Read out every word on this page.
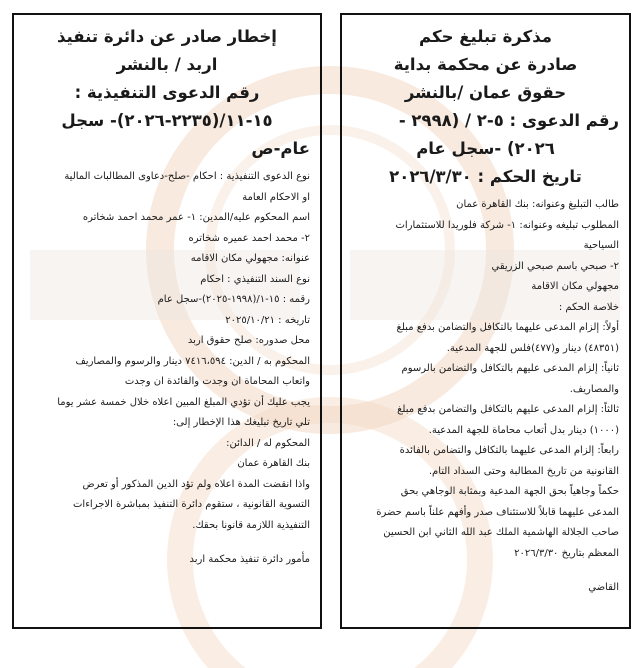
مذكرة تبليغ حكم

صادرة عن محكمة بداية

حقوق عمان /بالنشر

رقم الدعوى : ٥-٢ / (٢٩٩٨ -

٢٠٢٦) -سجل عام

تاريخ الحكم : ٢٠٢٦/٣/٣٠

طالب التبليغ وعنوانه: بنك القاهرة عمان

المطلوب تبليغه وعنوانه: ١- شركة فلوريدا للاستثمارات

السياحية

٢- صبحي باسم صبحي الزريقي

مجهولي مكان الاقامة

خلاصة الحكم :

أولاً: إلزام المدعى عليهما بالتكافل والتضامن بدفع مبلغ

(٤٨٣٥١) دينار و(٤٧٧)فلس للجهة المدعية.

ثانياً: إلزام المدعى عليهم بالتكافل والتضامن بالرسوم

والمصاريف.

ثالثاً: إلزام المدعى عليهم بالتكافل والتضامن بدفع مبلغ

(١٠٠٠) دينار بدل أتعاب محاماة للجهة المدعية.

رابعاً: إلزام المدعى عليهما بالتكافل والتضامن بالفائدة

القانونية من تاريخ المطالبة وحتى السداد التام.

حكماً وجاهياً بحق الجهة المدعية وبمثابة الوجاهي بحق

المدعى عليهما قابلاً للاستئناف صدر وأفهم علناً باسم حضرة

صاحب الجلالة الهاشمية الملك عبد الله الثاني ابن الحسين

المعظم بتاريخ ٢٠٢٦/٣/٣٠

القاضي

إخطار صادر عن دائرة تنفيذ

اربد / بالنشر

رقم الدعوى التنفيذية :

١٥-١١/(٢٢٣٥-٢٠٢٦)- سجل

عام-ص

نوع الدعوى التنفيذية : احكام -صلح-دعاوى المطالبات المالية

او الاحكام العامة

اسم المحكوم عليه/المدين: ١- عمر محمد احمد شخاتره

٢- محمد احمد عميره شخاتره

عنوانه: مجهولي مكان الاقامه

نوع السند التنفيذي : احكام

رقمه : ١٥-١/(١٩٩٨-٢٠٢٥)-سجل عام

تاريخه : ٢٠٢٥/١٠/٢١

محل صدوره: صلح حقوق اربد

المحكوم به / الدين: ٧٤١٦،٥٩٤ دينار والرسوم والمصاريف

واتعاب المحاماة ان وجدت والفائدة ان وجدت

يجب عليك أن تؤدي المبلغ المبين اعلاه خلال خمسة عشر يوما

تلي تاريخ تبليغك هذا الإخطار إلى:

المحكوم له / الدائن:

بنك القاهرة عمان

واذا انقضت المدة اعلاه ولم تؤد الدين المذكور أو تعرض

التسوية القانونية ، ستقوم دائرة التنفيذ بمباشرة الاجراءات

التنفيذية اللازمة قانونا بحقك.

مأمور دائرة تنفيذ محكمة اربد
